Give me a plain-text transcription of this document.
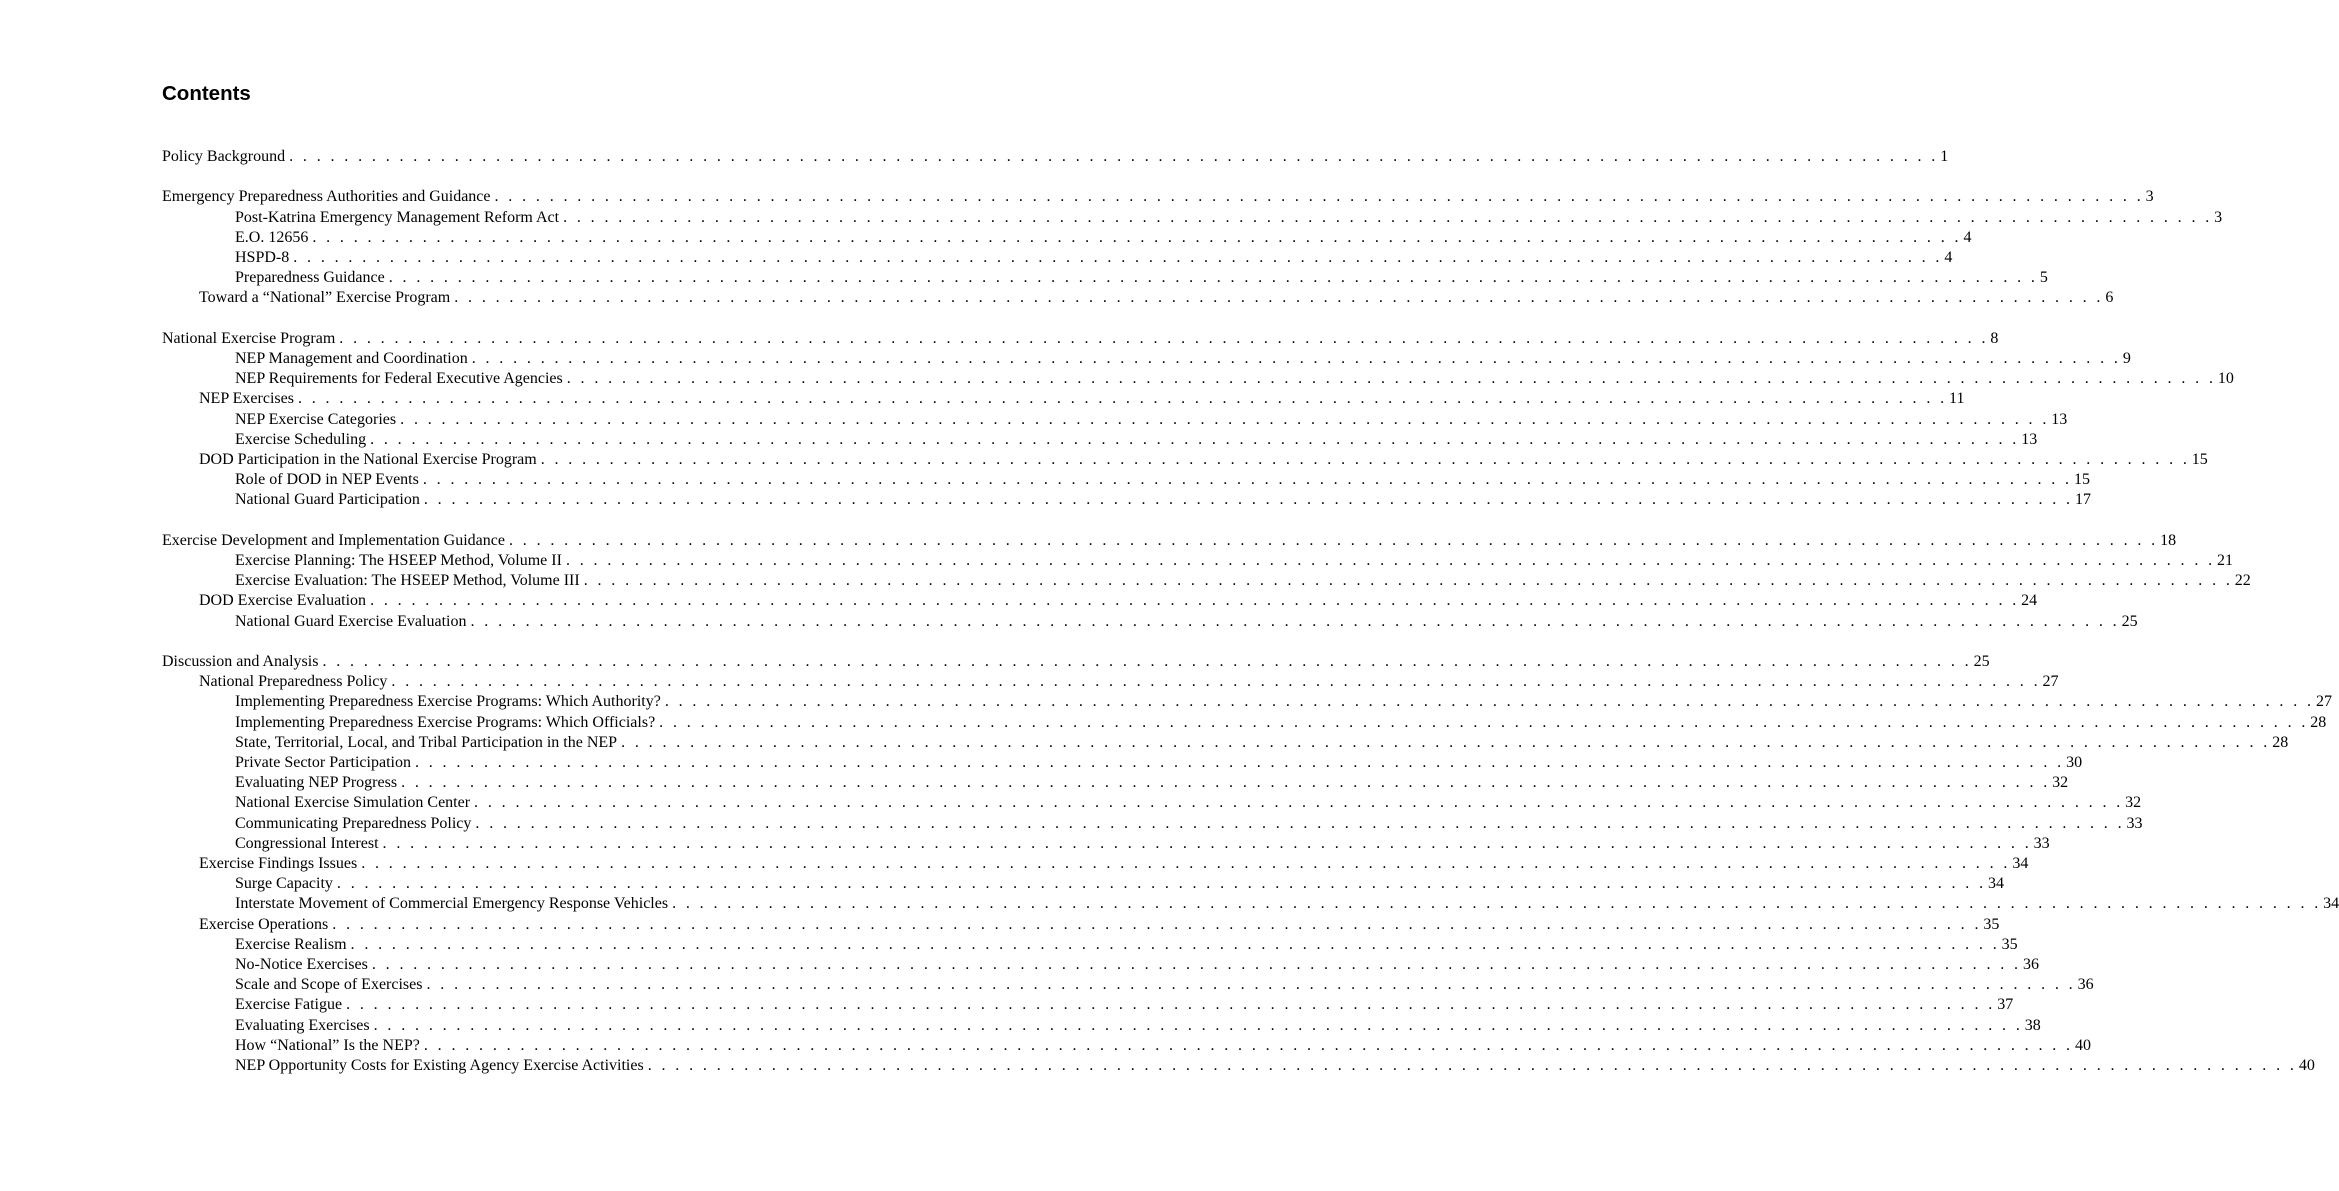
Contents
Policy Background . . . . . . . . . . . . . . . . . . . . . . . . . . . . . . . . . . . . . . . . . . . . . . . . . . . . . . . . . . . . . . . . . . . . . . . . . . . . . . . . . . . . . . . . . . . . . . . . . . . . . . . . . . . . . . . . . . . . . . . . 1
Emergency Preparedness Authorities and Guidance . . . . . . . . . . . . . . . . . . . . . . . . . . . . . . . . . . . . . . . . . . . . . . . . . . . . . . . . . . . . . . . . . . . . . . . . . . . . . . . . . . . . . . . . . . . . . . . . . . . . . . . . . . . . . . . . . . . . . . . . 3
Post-Katrina Emergency Management Reform Act . . . . . . . . . . . . . . . . . . . . . . . . . . . . . . . . . . . . . . . . . . . . . . . . . . . . . . . . . . . . . . . . . . . . . . . . . . . . . . . . . . . . . . . . . . . . . . . . . . . . . . . . . . . . . . . . . . . . . . . . 3
E.O. 12656 . . . . . . . . . . . . . . . . . . . . . . . . . . . . . . . . . . . . . . . . . . . . . . . . . . . . . . . . . . . . . . . . . . . . . . . . . . . . . . . . . . . . . . . . . . . . . . . . . . . . . . . . . . . . . . . . . . . . . . . . 4
HSPD-8 . . . . . . . . . . . . . . . . . . . . . . . . . . . . . . . . . . . . . . . . . . . . . . . . . . . . . . . . . . . . . . . . . . . . . . . . . . . . . . . . . . . . . . . . . . . . . . . . . . . . . . . . . . . . . . . . . . . . . . . . 4
Preparedness Guidance . . . . . . . . . . . . . . . . . . . . . . . . . . . . . . . . . . . . . . . . . . . . . . . . . . . . . . . . . . . . . . . . . . . . . . . . . . . . . . . . . . . . . . . . . . . . . . . . . . . . . . . . . . . . . . . . . . . . . . . . 5
Toward a “National” Exercise Program . . . . . . . . . . . . . . . . . . . . . . . . . . . . . . . . . . . . . . . . . . . . . . . . . . . . . . . . . . . . . . . . . . . . . . . . . . . . . . . . . . . . . . . . . . . . . . . . . . . . . . . . . . . . . . . . . . . . . . . . 6
National Exercise Program . . . . . . . . . . . . . . . . . . . . . . . . . . . . . . . . . . . . . . . . . . . . . . . . . . . . . . . . . . . . . . . . . . . . . . . . . . . . . . . . . . . . . . . . . . . . . . . . . . . . . . . . . . . . . . . . . . . . . . . . 8
NEP Management and Coordination . . . . . . . . . . . . . . . . . . . . . . . . . . . . . . . . . . . . . . . . . . . . . . . . . . . . . . . . . . . . . . . . . . . . . . . . . . . . . . . . . . . . . . . . . . . . . . . . . . . . . . . . . . . . . . . . . . . . . . . . 9
NEP Requirements for Federal Executive Agencies . . . . . . . . . . . . . . . . . . . . . . . . . . . . . . . . . . . . . . . . . . . . . . . . . . . . . . . . . . . . . . . . . . . . . . . . . . . . . . . . . . . . . . . . . . . . . . . . . . . . . . . . . . . . . . . . . . . . . . . . 10
NEP Exercises . . . . . . . . . . . . . . . . . . . . . . . . . . . . . . . . . . . . . . . . . . . . . . . . . . . . . . . . . . . . . . . . . . . . . . . . . . . . . . . . . . . . . . . . . . . . . . . . . . . . . . . . . . . . . . . . . . . . . . . . 11
NEP Exercise Categories . . . . . . . . . . . . . . . . . . . . . . . . . . . . . . . . . . . . . . . . . . . . . . . . . . . . . . . . . . . . . . . . . . . . . . . . . . . . . . . . . . . . . . . . . . . . . . . . . . . . . . . . . . . . . . . . . . . . . . . . 13
Exercise Scheduling . . . . . . . . . . . . . . . . . . . . . . . . . . . . . . . . . . . . . . . . . . . . . . . . . . . . . . . . . . . . . . . . . . . . . . . . . . . . . . . . . . . . . . . . . . . . . . . . . . . . . . . . . . . . . . . . . . . . . . . . 13
DOD Participation in the National Exercise Program . . . . . . . . . . . . . . . . . . . . . . . . . . . . . . . . . . . . . . . . . . . . . . . . . . . . . . . . . . . . . . . . . . . . . . . . . . . . . . . . . . . . . . . . . . . . . . . . . . . . . . . . . . . . . . . . . . . . . . . . 15
Role of DOD in NEP Events . . . . . . . . . . . . . . . . . . . . . . . . . . . . . . . . . . . . . . . . . . . . . . . . . . . . . . . . . . . . . . . . . . . . . . . . . . . . . . . . . . . . . . . . . . . . . . . . . . . . . . . . . . . . . . . . . . . . . . . . 15
National Guard Participation . . . . . . . . . . . . . . . . . . . . . . . . . . . . . . . . . . . . . . . . . . . . . . . . . . . . . . . . . . . . . . . . . . . . . . . . . . . . . . . . . . . . . . . . . . . . . . . . . . . . . . . . . . . . . . . . . . . . . . . . 17
Exercise Development and Implementation Guidance . . . . . . . . . . . . . . . . . . . . . . . . . . . . . . . . . . . . . . . . . . . . . . . . . . . . . . . . . . . . . . . . . . . . . . . . . . . . . . . . . . . . . . . . . . . . . . . . . . . . . . . . . . . . . . . . . . . . . . . . 18
Exercise Planning: The HSEEP Method, Volume II . . . . . . . . . . . . . . . . . . . . . . . . . . . . . . . . . . . . . . . . . . . . . . . . . . . . . . . . . . . . . . . . . . . . . . . . . . . . . . . . . . . . . . . . . . . . . . . . . . . . . . . . . . . . . . . . . . . . . . . . 21
Exercise Evaluation: The HSEEP Method, Volume III . . . . . . . . . . . . . . . . . . . . . . . . . . . . . . . . . . . . . . . . . . . . . . . . . . . . . . . . . . . . . . . . . . . . . . . . . . . . . . . . . . . . . . . . . . . . . . . . . . . . . . . . . . . . . . . . . . . . . . . . 22
DOD Exercise Evaluation . . . . . . . . . . . . . . . . . . . . . . . . . . . . . . . . . . . . . . . . . . . . . . . . . . . . . . . . . . . . . . . . . . . . . . . . . . . . . . . . . . . . . . . . . . . . . . . . . . . . . . . . . . . . . . . . . . . . . . . . 24
National Guard Exercise Evaluation . . . . . . . . . . . . . . . . . . . . . . . . . . . . . . . . . . . . . . . . . . . . . . . . . . . . . . . . . . . . . . . . . . . . . . . . . . . . . . . . . . . . . . . . . . . . . . . . . . . . . . . . . . . . . . . . . . . . . . . . 25
Discussion and Analysis . . . . . . . . . . . . . . . . . . . . . . . . . . . . . . . . . . . . . . . . . . . . . . . . . . . . . . . . . . . . . . . . . . . . . . . . . . . . . . . . . . . . . . . . . . . . . . . . . . . . . . . . . . . . . . . . . . . . . . . . 25
National Preparedness Policy . . . . . . . . . . . . . . . . . . . . . . . . . . . . . . . . . . . . . . . . . . . . . . . . . . . . . . . . . . . . . . . . . . . . . . . . . . . . . . . . . . . . . . . . . . . . . . . . . . . . . . . . . . . . . . . . . . . . . . . . 27
Implementing Preparedness Exercise Programs: Which Authority? . . . . . . . . . . . . . . . . . . . . . . . . . . . . . . . . . . . . . . . . . . . . . . . . . . . . . . . . . . . . . . . . . . . . . . . . . . . . . . . . . . . . . . . . . . . . . . . . . . . . . . . . . . . . . . . . . . . . . . . . 27
Implementing Preparedness Exercise Programs: Which Officials? . . . . . . . . . . . . . . . . . . . . . . . . . . . . . . . . . . . . . . . . . . . . . . . . . . . . . . . . . . . . . . . . . . . . . . . . . . . . . . . . . . . . . . . . . . . . . . . . . . . . . . . . . . . . . . . . . . . . . . . . 28
State, Territorial, Local, and Tribal Participation in the NEP . . . . . . . . . . . . . . . . . . . . . . . . . . . . . . . . . . . . . . . . . . . . . . . . . . . . . . . . . . . . . . . . . . . . . . . . . . . . . . . . . . . . . . . . . . . . . . . . . . . . . . . . . . . . . . . . . . . . . . . . 28
Private Sector Participation . . . . . . . . . . . . . . . . . . . . . . . . . . . . . . . . . . . . . . . . . . . . . . . . . . . . . . . . . . . . . . . . . . . . . . . . . . . . . . . . . . . . . . . . . . . . . . . . . . . . . . . . . . . . . . . . . . . . . . . . 30
Evaluating NEP Progress . . . . . . . . . . . . . . . . . . . . . . . . . . . . . . . . . . . . . . . . . . . . . . . . . . . . . . . . . . . . . . . . . . . . . . . . . . . . . . . . . . . . . . . . . . . . . . . . . . . . . . . . . . . . . . . . . . . . . . . . 32
National Exercise Simulation Center . . . . . . . . . . . . . . . . . . . . . . . . . . . . . . . . . . . . . . . . . . . . . . . . . . . . . . . . . . . . . . . . . . . . . . . . . . . . . . . . . . . . . . . . . . . . . . . . . . . . . . . . . . . . . . . . . . . . . . . . 32
Communicating Preparedness Policy . . . . . . . . . . . . . . . . . . . . . . . . . . . . . . . . . . . . . . . . . . . . . . . . . . . . . . . . . . . . . . . . . . . . . . . . . . . . . . . . . . . . . . . . . . . . . . . . . . . . . . . . . . . . . . . . . . . . . . . . 33
Congressional Interest . . . . . . . . . . . . . . . . . . . . . . . . . . . . . . . . . . . . . . . . . . . . . . . . . . . . . . . . . . . . . . . . . . . . . . . . . . . . . . . . . . . . . . . . . . . . . . . . . . . . . . . . . . . . . . . . . . . . . . . . 33
Exercise Findings Issues . . . . . . . . . . . . . . . . . . . . . . . . . . . . . . . . . . . . . . . . . . . . . . . . . . . . . . . . . . . . . . . . . . . . . . . . . . . . . . . . . . . . . . . . . . . . . . . . . . . . . . . . . . . . . . . . . . . . . . . . 34
Surge Capacity . . . . . . . . . . . . . . . . . . . . . . . . . . . . . . . . . . . . . . . . . . . . . . . . . . . . . . . . . . . . . . . . . . . . . . . . . . . . . . . . . . . . . . . . . . . . . . . . . . . . . . . . . . . . . . . . . . . . . . . . 34
Interstate Movement of Commercial Emergency Response Vehicles . . . . . . . . . . . . . . . . . . . . . . . . . . . . . . . . . . . . . . . . . . . . . . . . . . . . . . . . . . . . . . . . . . . . . . . . . . . . . . . . . . . . . . . . . . . . . . . . . . . . . . . . . . . . . . . . . . . . . . . . 34
Exercise Operations . . . . . . . . . . . . . . . . . . . . . . . . . . . . . . . . . . . . . . . . . . . . . . . . . . . . . . . . . . . . . . . . . . . . . . . . . . . . . . . . . . . . . . . . . . . . . . . . . . . . . . . . . . . . . . . . . . . . . . . . 35
Exercise Realism . . . . . . . . . . . . . . . . . . . . . . . . . . . . . . . . . . . . . . . . . . . . . . . . . . . . . . . . . . . . . . . . . . . . . . . . . . . . . . . . . . . . . . . . . . . . . . . . . . . . . . . . . . . . . . . . . . . . . . . . 35
No-Notice Exercises . . . . . . . . . . . . . . . . . . . . . . . . . . . . . . . . . . . . . . . . . . . . . . . . . . . . . . . . . . . . . . . . . . . . . . . . . . . . . . . . . . . . . . . . . . . . . . . . . . . . . . . . . . . . . . . . . . . . . . . . 36
Scale and Scope of Exercises . . . . . . . . . . . . . . . . . . . . . . . . . . . . . . . . . . . . . . . . . . . . . . . . . . . . . . . . . . . . . . . . . . . . . . . . . . . . . . . . . . . . . . . . . . . . . . . . . . . . . . . . . . . . . . . . . . . . . . . . 36
Exercise Fatigue . . . . . . . . . . . . . . . . . . . . . . . . . . . . . . . . . . . . . . . . . . . . . . . . . . . . . . . . . . . . . . . . . . . . . . . . . . . . . . . . . . . . . . . . . . . . . . . . . . . . . . . . . . . . . . . . . . . . . . . . 37
Evaluating Exercises . . . . . . . . . . . . . . . . . . . . . . . . . . . . . . . . . . . . . . . . . . . . . . . . . . . . . . . . . . . . . . . . . . . . . . . . . . . . . . . . . . . . . . . . . . . . . . . . . . . . . . . . . . . . . . . . . . . . . . . . 38
How “National” Is the NEP? . . . . . . . . . . . . . . . . . . . . . . . . . . . . . . . . . . . . . . . . . . . . . . . . . . . . . . . . . . . . . . . . . . . . . . . . . . . . . . . . . . . . . . . . . . . . . . . . . . . . . . . . . . . . . . . . . . . . . . . . 40
NEP Opportunity Costs for Existing Agency Exercise Activities . . . . . . . . . . . . . . . . . . . . . . . . . . . . . . . . . . . . . . . . . . . . . . . . . . . . . . . . . . . . . . . . . . . . . . . . . . . . . . . . . . . . . . . . . . . . . . . . . . . . . . . . . . . . . . . . . . . . . . . . 40
